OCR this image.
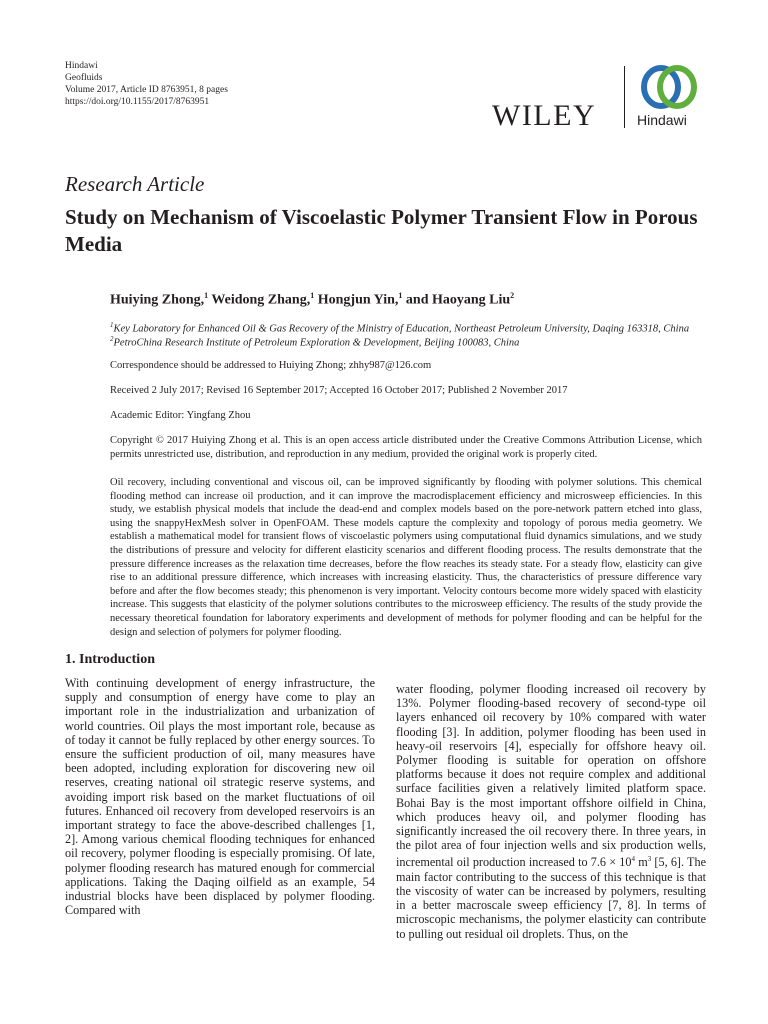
Hindawi
Geofluids
Volume 2017, Article ID 8763951, 8 pages
https://doi.org/10.1155/2017/8763951	WILEY	Hindawi
Research Article
Study on Mechanism of Viscoelastic Polymer Transient Flow in Porous Media
Huiying Zhong,$^1$ Weidong Zhang,$^1$ Hongjun Yin,$^1$ and Haoyang Liu$^2$
$^1$Key Laboratory for Enhanced Oil & Gas Recovery of the Ministry of Education, Northeast Petroleum University, Daqing 163318, China
$^2$PetroChina Research Institute of Petroleum Exploration & Development, Beijing 100083, China
Correspondence should be addressed to Huiying Zhong; zhhy987@126.com
Received 2 July 2017; Revised 16 September 2017; Accepted 16 October 2017; Published 2 November 2017
Academic Editor: Yingfang Zhou
Copyright © 2017 Huiying Zhong et al. This is an open access article distributed under the Creative Commons Attribution License, which permits unrestricted use, distribution, and reproduction in any medium, provided the original work is properly cited.
Oil recovery, including conventional and viscous oil, can be improved significantly by flooding with polymer solutions. This chemical flooding method can increase oil production, and it can improve the macrodisplacement efficiency and microsweep efficiencies. In this study, we establish physical models that include the dead-end and complex models based on the pore-network pattern etched into glass, using the snappyHexMesh solver in OpenFOAM. These models capture the complexity and topology of porous media geometry. We establish a mathematical model for transient flows of viscoelastic polymers using computational fluid dynamics simulations, and we study the distributions of pressure and velocity for different elasticity scenarios and different flooding process. The results demonstrate that the pressure difference increases as the relaxation time decreases, before the flow reaches its steady state. For a steady flow, elasticity can give rise to an additional pressure difference, which increases with increasing elasticity. Thus, the characteristics of pressure difference vary before and after the flow becomes steady; this phenomenon is very important. Velocity contours become more widely spaced with elasticity increase. This suggests that elasticity of the polymer solutions contributes to the microsweep efficiency. The results of the study provide the necessary theoretical foundation for laboratory experiments and development of methods for polymer flooding and can be helpful for the design and selection of polymers for polymer flooding.
1. Introduction
With continuing development of energy infrastructure, the supply and consumption of energy have come to play an important role in the industrialization and urbanization of world countries. Oil plays the most important role, because as of today it cannot be fully replaced by other energy sources. To ensure the sufficient production of oil, many measures have been adopted, including exploration for discovering new oil reserves, creating national oil strategic reserve systems, and avoiding import risk based on the market fluctuations of oil futures. Enhanced oil recovery from developed reservoirs is an important strategy to face the above-described challenges [1, 2]. Among various chemical flooding techniques for enhanced oil recovery, polymer flooding is especially promising. Of late, polymer flooding research has matured enough for commercial applications. Taking the Daqing oilfield as an example, 54 industrial blocks have been displaced by polymer flooding. Compared with
water flooding, polymer flooding increased oil recovery by 13%. Polymer flooding-based recovery of second-type oil layers enhanced oil recovery by 10% compared with water flooding [3]. In addition, polymer flooding has been used in heavy-oil reservoirs [4], especially for offshore heavy oil. Polymer flooding is suitable for operation on offshore platforms because it does not require complex and additional surface facilities given a relatively limited platform space. Bohai Bay is the most important offshore oilfield in China, which produces heavy oil, and polymer flooding has significantly increased the oil recovery there. In three years, in the pilot area of four injection wells and six production wells, incremental oil production increased to $7.6 \times 10^4$ $m^3$ [5, 6]. The main factor contributing to the success of this technique is that the viscosity of water can be increased by polymers, resulting in a better macroscale sweep efficiency [7, 8]. In terms of microscopic mechanisms, the polymer elasticity can contribute to pulling out residual oil droplets. Thus, on the
